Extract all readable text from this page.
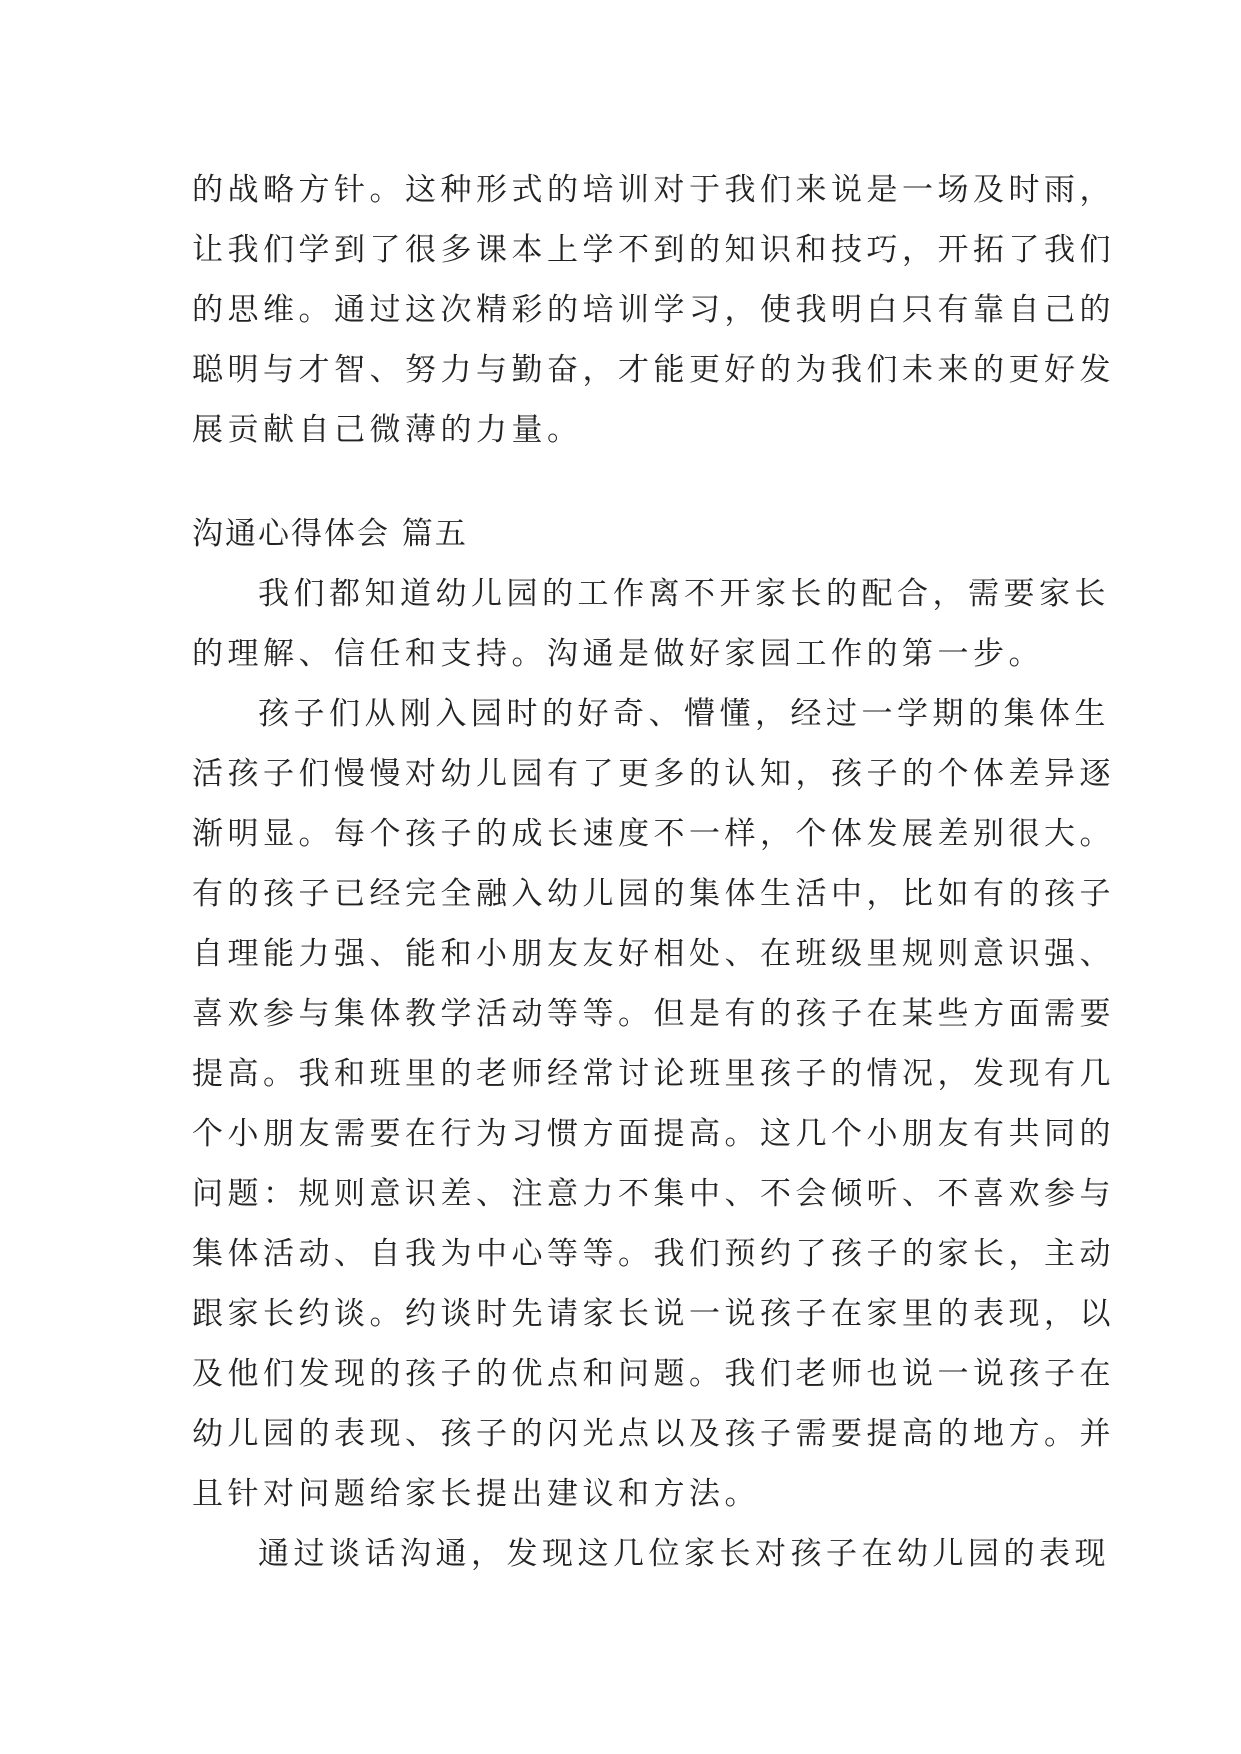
的战略方针。这种形式的培训对于我们来说是一场及时雨，
让我们学到了很多课本上学不到的知识和技巧，开拓了我们
的思维。通过这次精彩的培训学习，使我明白只有靠自己的
聪明与才智、努力与勤奋，才能更好的为我们未来的更好发
展贡献自己微薄的力量。
沟通心得体会 篇五
我们都知道幼儿园的工作离不开家长的配合，需要家长
的理解、信任和支持。沟通是做好家园工作的第一步。
孩子们从刚入园时的好奇、懵懂，经过一学期的集体生
活孩子们慢慢对幼儿园有了更多的认知，孩子的个体差异逐
渐明显。每个孩子的成长速度不一样，个体发展差别很大。
有的孩子已经完全融入幼儿园的集体生活中，比如有的孩子
自理能力强、能和小朋友友好相处、在班级里规则意识强、
喜欢参与集体教学活动等等。但是有的孩子在某些方面需要
提高。我和班里的老师经常讨论班里孩子的情况，发现有几
个小朋友需要在行为习惯方面提高。这几个小朋友有共同的
问题：规则意识差、注意力不集中、不会倾听、不喜欢参与
集体活动、自我为中心等等。我们预约了孩子的家长，主动
跟家长约谈。约谈时先请家长说一说孩子在家里的表现，以
及他们发现的孩子的优点和问题。我们老师也说一说孩子在
幼儿园的表现、孩子的闪光点以及孩子需要提高的地方。并
且针对问题给家长提出建议和方法。
通过谈话沟通，发现这几位家长对孩子在幼儿园的表现
